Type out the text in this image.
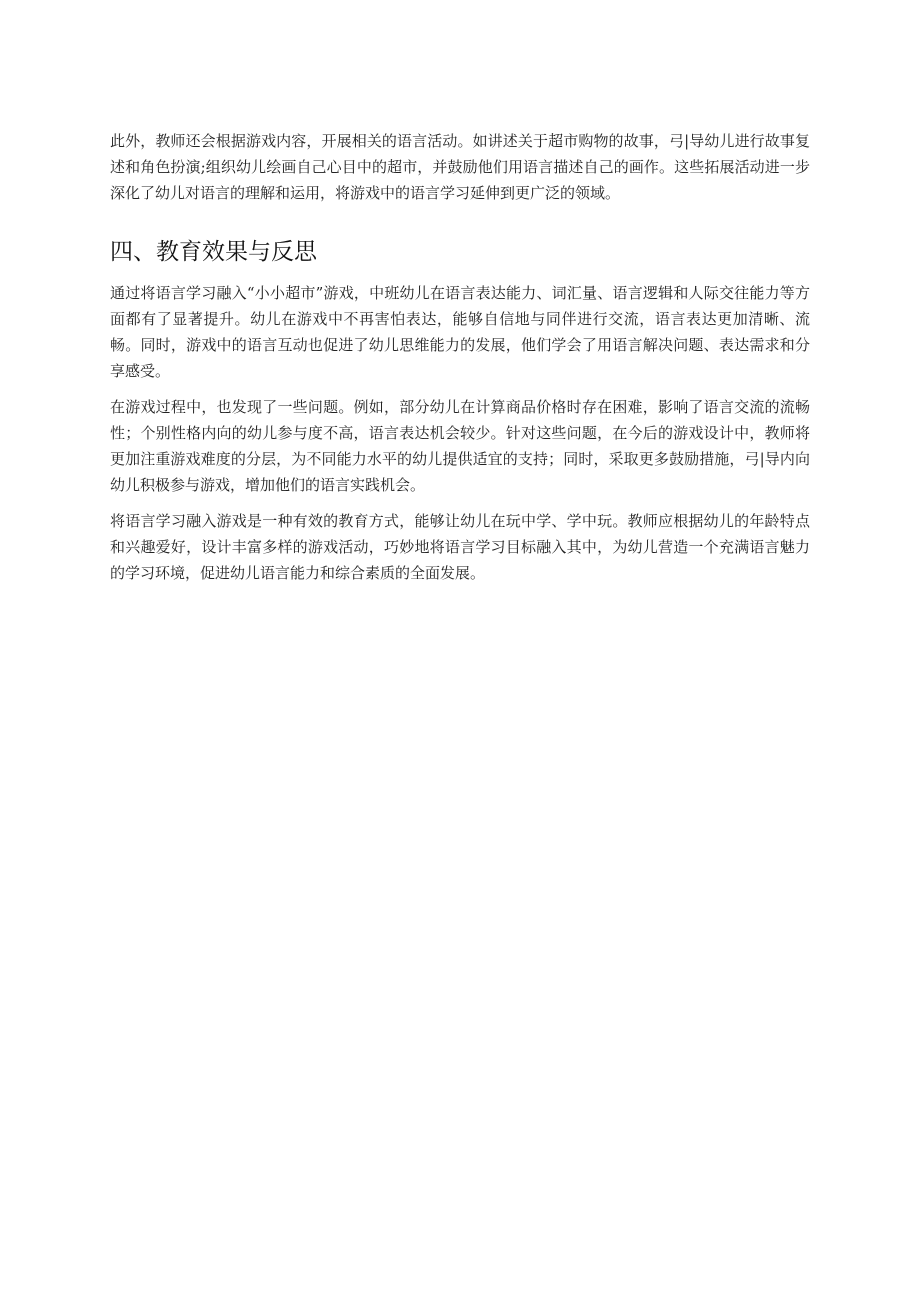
此外，教师还会根据游戏内容，开展相关的语言活动。如讲述关于超市购物的故事，弓|导幼儿进行故事复述和角色扮演;组织幼儿绘画自己心目中的超市，并鼓励他们用语言描述自己的画作。这些拓展活动进一步深化了幼儿对语言的理解和运用，将游戏中的语言学习延伸到更广泛的领域。

四、教育效果与反思

通过将语言学习融入“小小超市”游戏，中班幼儿在语言表达能力、词汇量、语言逻辑和人际交往能力等方面都有了显著提升。幼儿在游戏中不再害怕表达，能够自信地与同伴进行交流，语言表达更加清晰、流畅。同时，游戏中的语言互动也促进了幼儿思维能力的发展，他们学会了用语言解决问题、表达需求和分享感受。

在游戏过程中，也发现了一些问题。例如，部分幼儿在计算商品价格时存在困难，影响了语言交流的流畅性；个别性格内向的幼儿参与度不高，语言表达机会较少。针对这些问题，在今后的游戏设计中，教师将更加注重游戏难度的分层，为不同能力水平的幼儿提供适宜的支持；同时，采取更多鼓励措施，弓|导内向幼儿积极参与游戏，增加他们的语言实践机会。

将语言学习融入游戏是一种有效的教育方式，能够让幼儿在玩中学、学中玩。教师应根据幼儿的年龄特点和兴趣爱好，设计丰富多样的游戏活动，巧妙地将语言学习目标融入其中，为幼儿营造一个充满语言魅力的学习环境，促进幼儿语言能力和综合素质的全面发展。
